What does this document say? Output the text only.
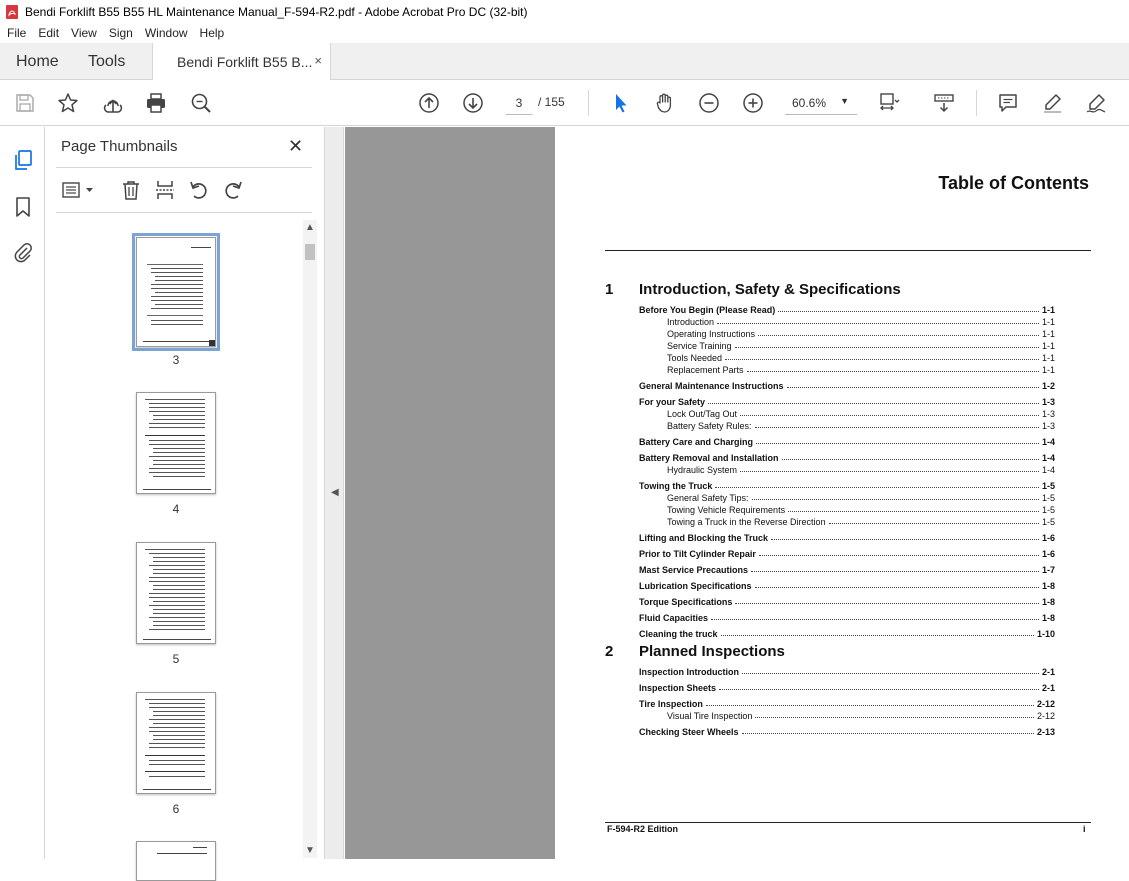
Bendi Forklift B55 B55 HL Maintenance Manual_F-594-R2.pdf - Adobe Acrobat Pro DC (32-bit)
File	Edit	View	Sign	Window	Help
Home Tools	Bendi Forklift B55 B... ×
3	/ 155	60.6% ▼
Page Thumbnails	✕
3
4
5
6
▲
▼
◀
Table of Contents
Before You Begin (Please Read)	1-1
Introduction	1-1
Operating Instructions	1-1
Service Training	1-1
Tools Needed	1-1
Replacement Parts	1-1
General Maintenance Instructions	1-2
For your Safety	1-3
Lock Out/Tag Out	1-3
Battery Safety Rules:	1-3
Battery Care and Charging	1-4
Battery Removal and Installation	1-4
Hydraulic System	1-4
Towing the Truck	1-5
General Safety Tips:	1-5
Towing Vehicle Requirements	1-5
Towing a Truck in the Reverse Direction	1-5
Lifting and Blocking the Truck	1-6
Prior to Tilt Cylinder Repair	1-6
Mast Service Precautions	1-7
Lubrication Specifications	1-8
Torque Specifications	1-8
Fluid Capacities	1-8
Cleaning the truck	1-10
Inspection Introduction	2-1
Inspection Sheets	2-1
Tire Inspection	2-12
Visual Tire Inspection	2-12
Checking Steer Wheels	2-13
F-594-R2 Edition	i
1 Introduction, Safety & Specifications
2 Planned Inspections
